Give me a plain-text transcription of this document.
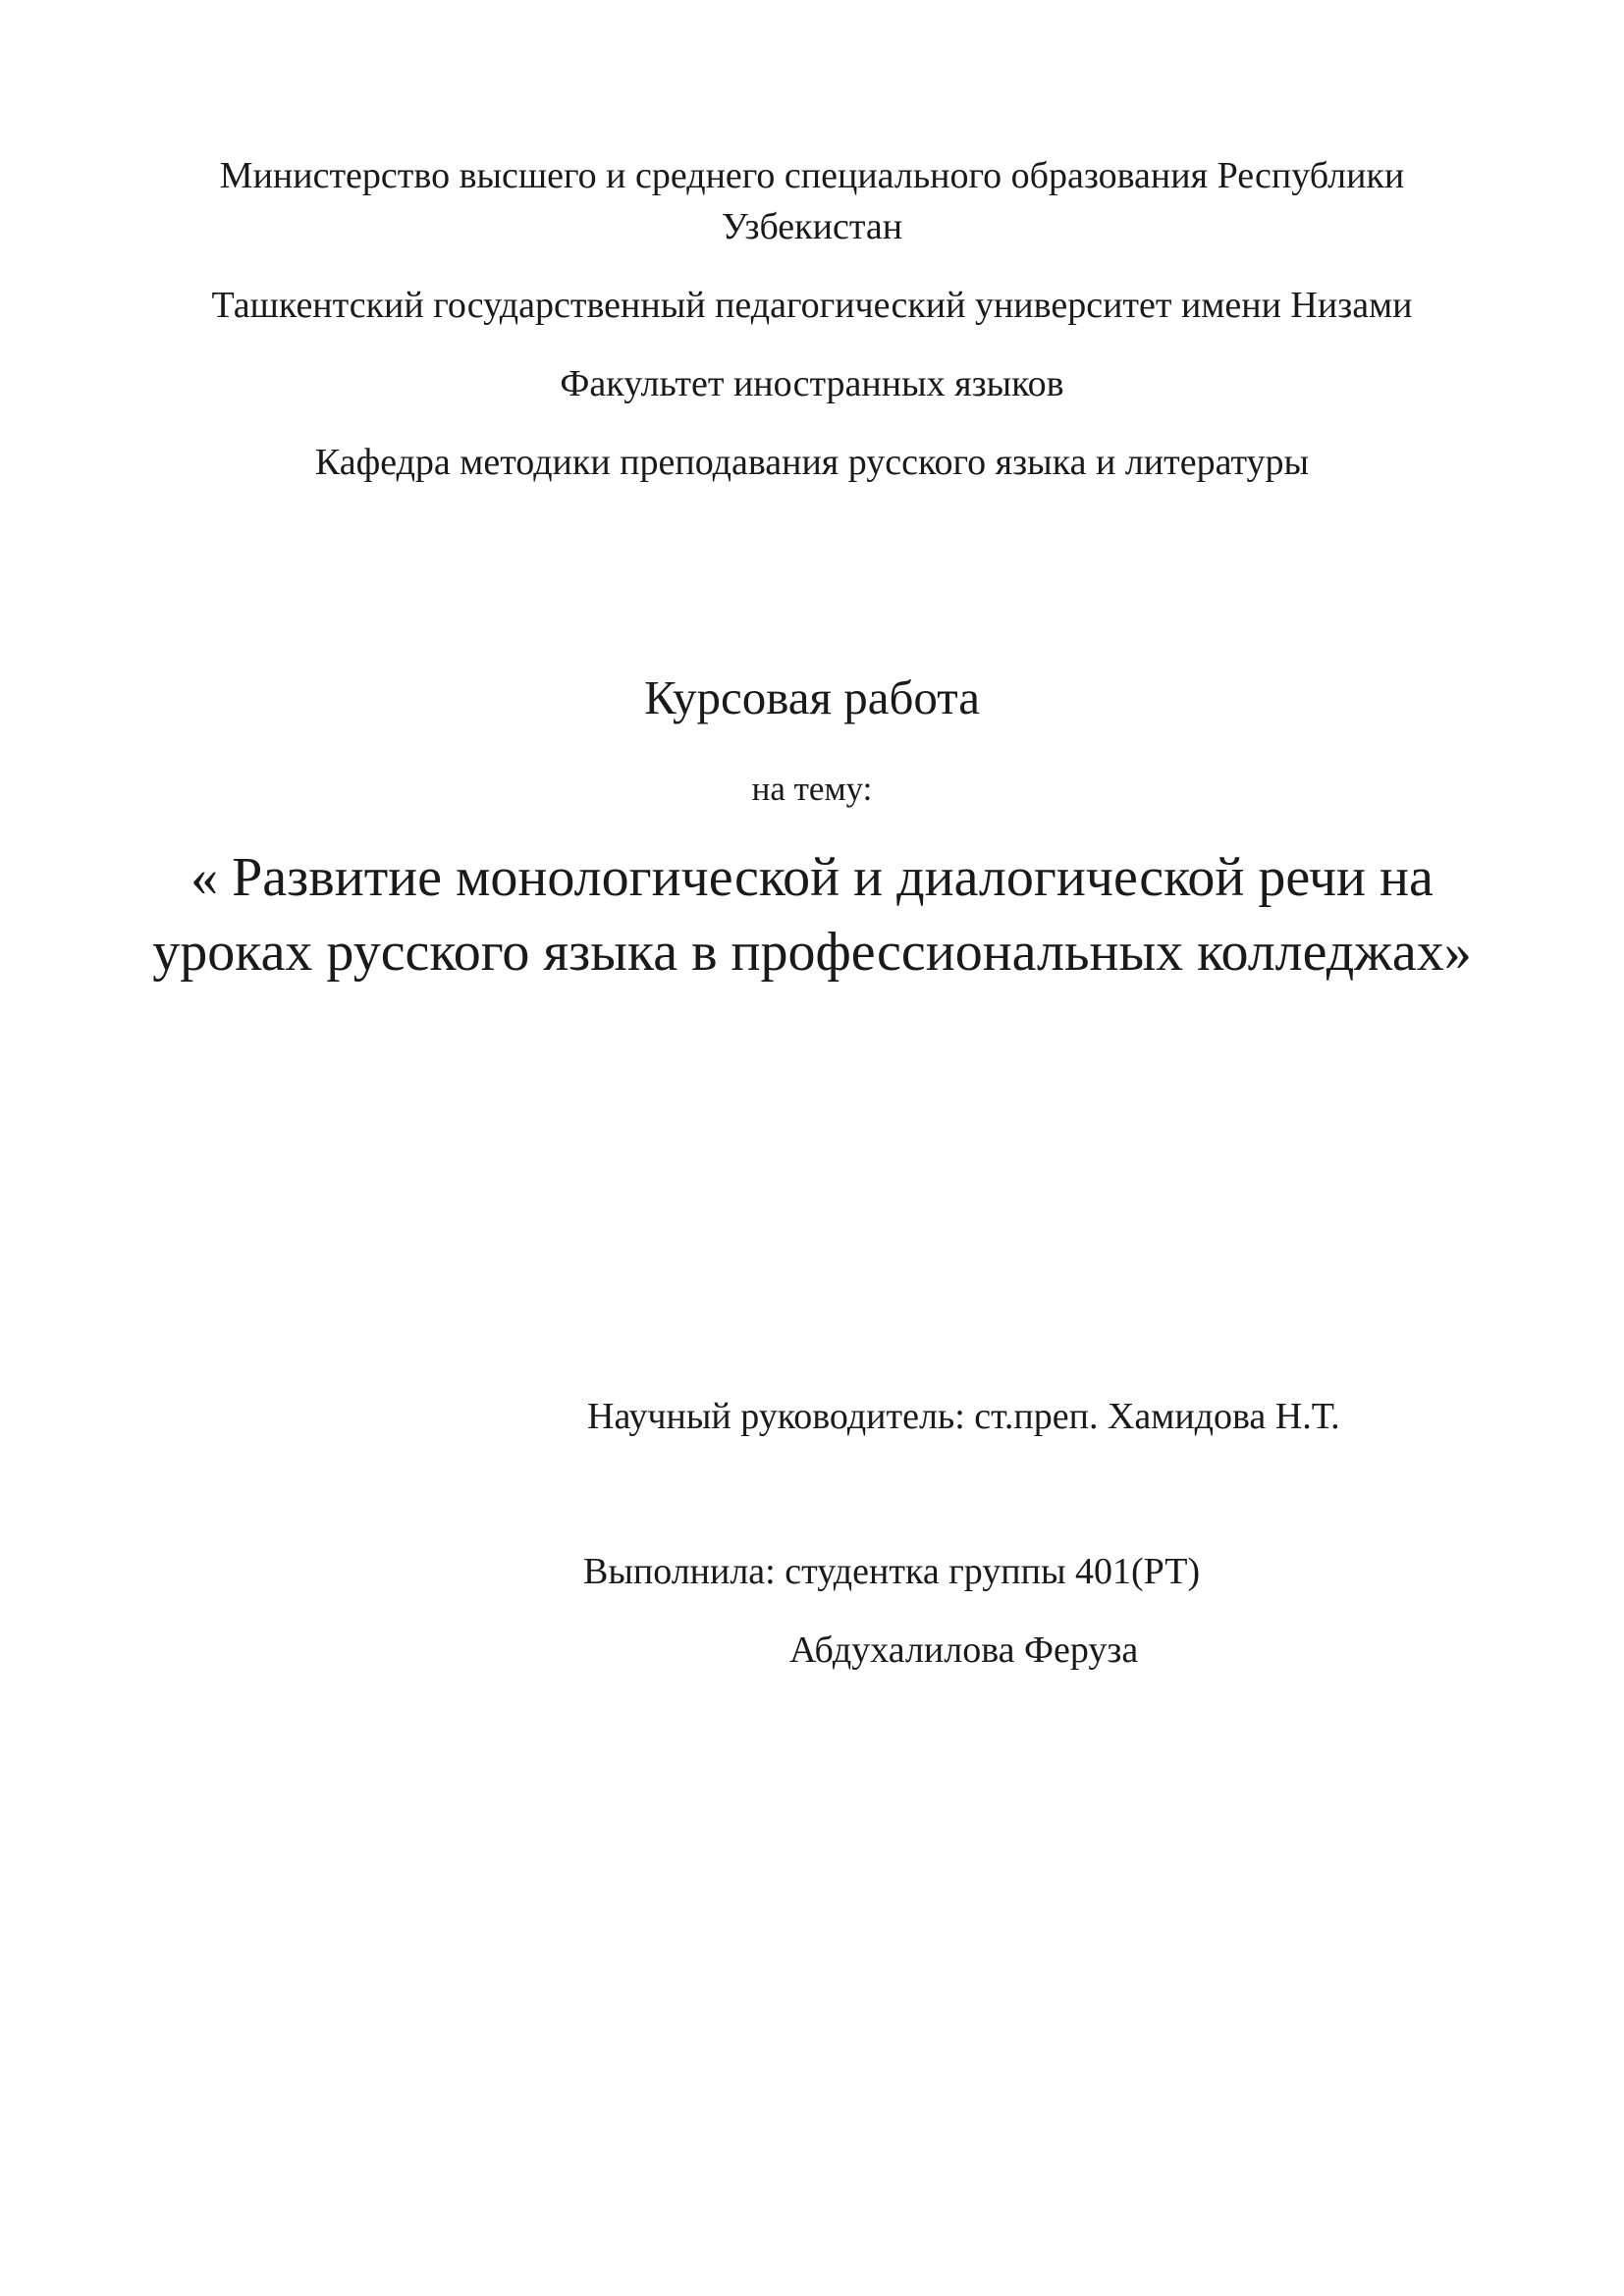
Министерство высшего и среднего специального образования Республики
Узбекистан
Ташкентский государственный педагогический университет имени Низами
Факультет иностранных языков
Кафедра методики преподавания русского языка и литературы
Курсовая работа
на тему:
« Развитие монологической и диалогической речи на
уроках русского языка в профессиональных колледжах»
Научный руководитель: ст.преп. Хамидова Н.Т.
Выполнила: студентка группы 401(РТ)
Абдухалилова Феруза
